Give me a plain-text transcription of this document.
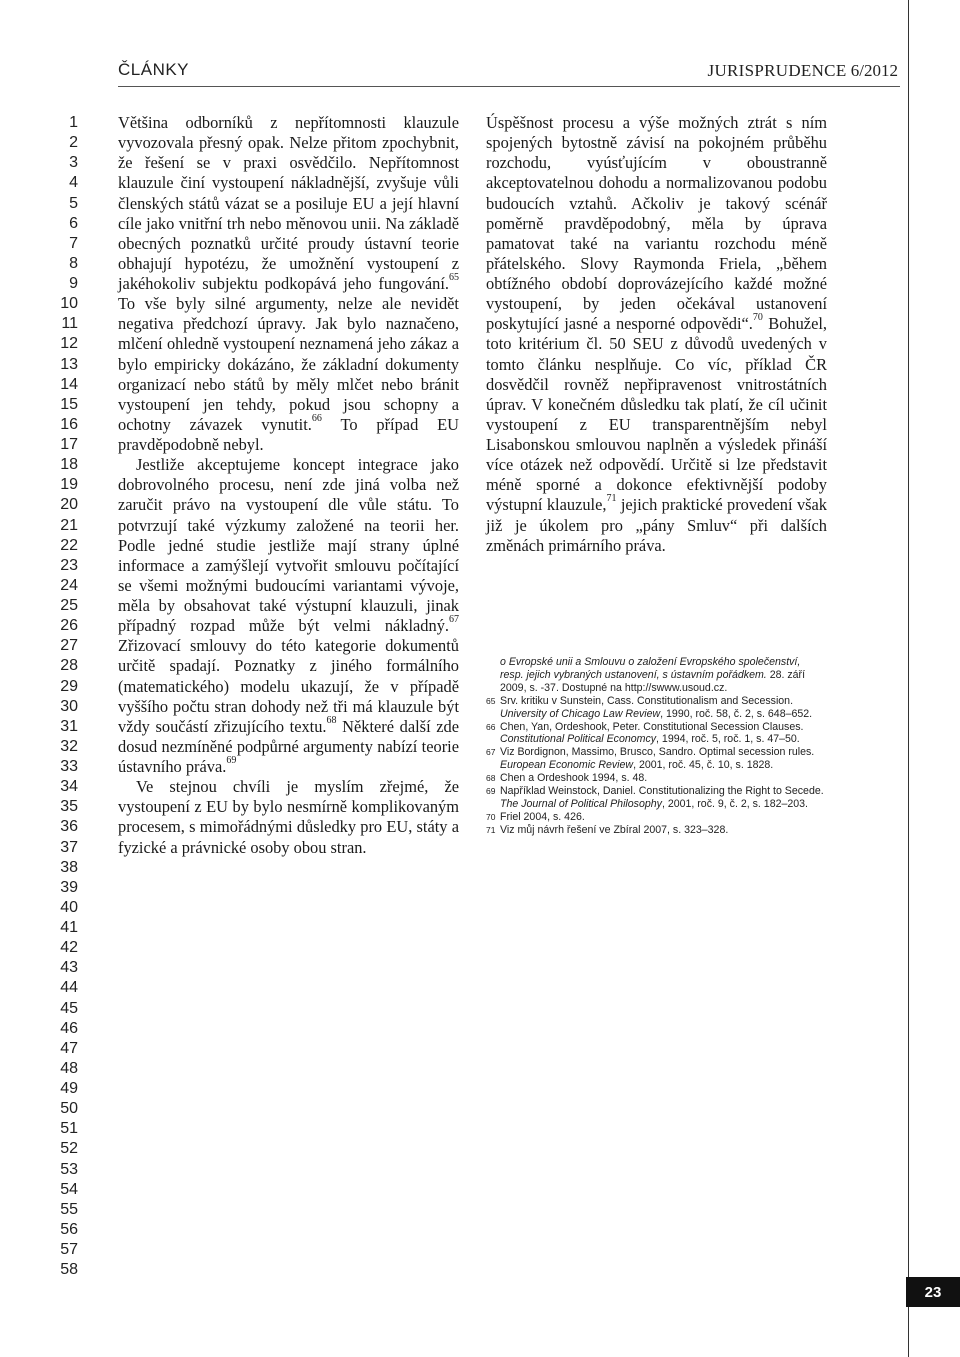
ČLÁNKY	JURISPRUDENCE 6/2012
1
2
3
4
5
6
7
8
9
10
11
12
13
14
15
16
17
18
19
20
21
22
23
24
25
26
27
28
29
30
31
32
33
34
35
36
37
38
39
40
41
42
43
44
45
46
47
48
49
50
51
52
53
54
55
56
57
58

Většina odborníků z nepřítomnosti klauzule vyvozovala přesný opak. Nelze přitom zpochybnit, že řešení se v praxi osvědčilo. Nepřítomnost klauzule činí vystoupení nákladnější, zvyšuje vůli členských států vázat se a posiluje EU a její hlavní cíle jako vnitřní trh nebo měnovou unii. Na základě obecných poznatků určité proudy ústavní teorie obhajují hypotézu, že umožnění vystoupení z jakéhokoliv subjektu podkopává jeho fungování.$^{65}$ To vše byly silné argumenty, nelze ale nevidět negativa předchozí úpravy. Jak bylo naznačeno, mlčení ohledně vystoupení neznamená jeho zákaz a bylo empiricky dokázáno, že základní dokumenty organizací nebo států by měly mlčet nebo bránit vystoupení jen tehdy, pokud jsou schopny a ochotny závazek vynutit.$^{66}$ To případ EU pravděpodobně nebyl.

Jestliže akceptujeme koncept integrace jako dobrovolného procesu, není zde jiná volba než zaručit právo na vystoupení dle vůle státu. To potvrzují také výzkumy založené na teorii her. Podle jedné studie jestliže mají strany úplné informace a zamýšlejí vytvořit smlouvu počítající se všemi možnými budoucími variantami vývoje, měla by obsahovat také výstupní klauzuli, jinak případný rozpad může být velmi nákladný.$^{67}$ Zřizovací smlouvy do této kategorie dokumentů určitě spadají. Poznatky z jiného formálního (matematického) modelu ukazují, že v případě vyššího počtu stran dohody než tři má klauzule být vždy součástí zřizujícího textu.$^{68}$ Některé další zde dosud nezmíněné podpůrné argumenty nabízí teorie ústavního práva.$^{69}$

Ve stejnou chvíli je myslím zřejmé, že vystoupení z EU by bylo nesmírně komplikovaným procesem, s mimořádnými důsledky pro EU, státy a fyzické a právnické osoby obou stran.

Úspěšnost procesu a výše možných ztrát s ním spojených bytostně závisí na pokojném průběhu rozchodu, vyúsťujícím v oboustranně akceptovatelnou dohodu a normalizovanou podobu budoucích vztahů. Ačkoliv je takový scénář poměrně pravděpodobný, měla by úprava pamatovat také na variantu rozchodu méně přátelského. Slovy Raymonda Friela, „během obtížného období doprovázejícího každé možné vystoupení, by jeden očekával ustanovení poskytující jasné a nesporné odpovědi“.$^{70}$ Bohužel, toto kritérium čl. 50 SEU z důvodů uvedených v tomto článku nesplňuje. Co víc, příklad ČR dosvědčil rovněž nepřipravenost vnitrostátních úprav. V konečném důsledku tak platí, že cíl učinit vystoupení z EU transparentnějším nebyl Lisabonskou smlouvou naplněn a výsledek přináší více otázek než odpovědí. Určitě si lze představit méně sporné a dokonce efektivnější podoby výstupní klauzule,$^{71}$ jejich praktické provedení však již je úkolem pro „pány Smluv“ při dalších změnách primárního práva.

o Evropské unii a Smlouvu o založení Evropského společenství, resp. jejich vybraných ustanovení, s ústavním pořádkem. 28. září 2009, s. -37. Dostupné na http://swww.usoud.cz.
65 Srv. kritiku v Sunstein, Cass. Constitutionalism and Secession. University of Chicago Law Review, 1990, roč. 58, č. 2, s. 648–652.
66 Chen, Yan, Ordeshook, Peter. Constitutional Secession Clauses. Constitutional Political Economcy, 1994, roč. 5, roč. 1, s. 47–50.
67 Viz Bordignon, Massimo, Brusco, Sandro. Optimal secession rules. European Economic Review, 2001, roč. 45, č. 10, s. 1828.
68 Chen a Ordeshook 1994, s. 48.
69 Například Weinstock, Daniel. Constitutionalizing the Right to Secede. The Journal of Political Philosophy, 2001, roč. 9, č. 2, s. 182–203.
70 Friel 2004, s. 426.
71 Viz můj návrh řešení ve Zbíral 2007, s. 323–328.
23
